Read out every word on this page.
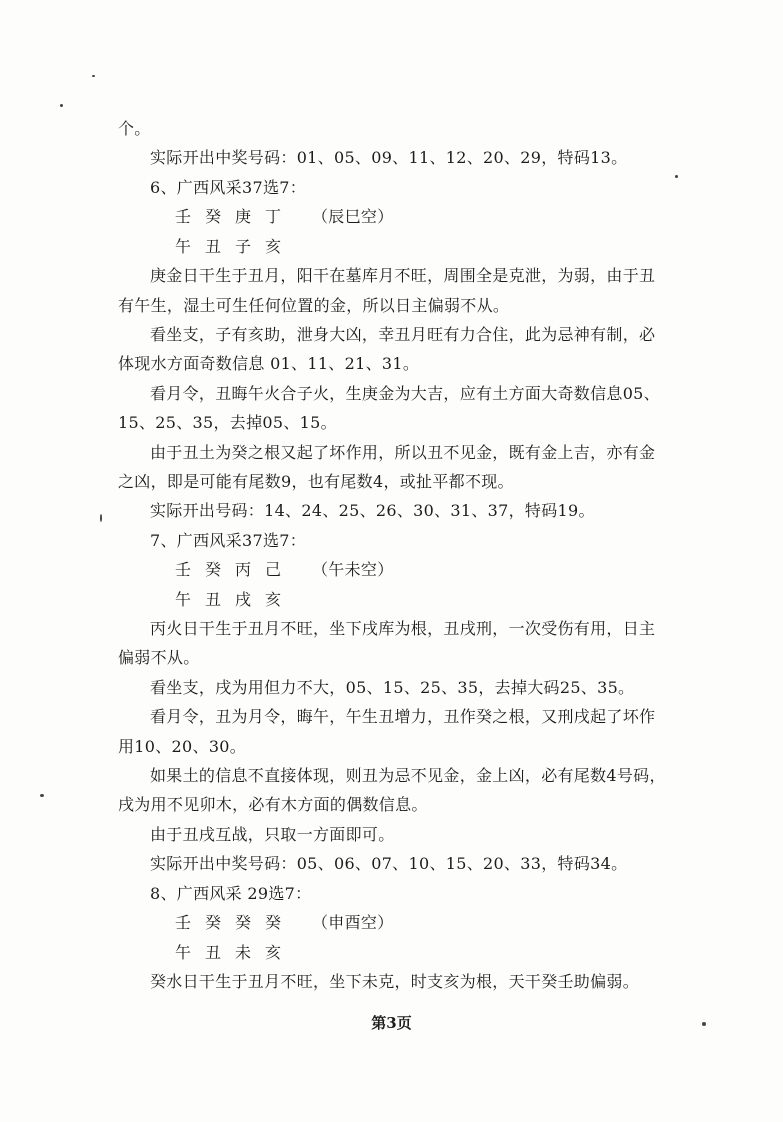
个。
实际开出中奖号码：01、05、09、11、12、20、29，特码13。
6、广西风采37选7：
壬癸庚丁 （辰巳空）
午丑子亥
庚金日干生于丑月，阳干在墓库月不旺，周围全是克泄，为弱，由于丑
有午生，湿土可生任何位置的金，所以日主偏弱不从。
看坐支，子有亥助，泄身大凶，幸丑月旺有力合住，此为忌神有制，必
体现水方面奇数信息 01、11、21、31。
看月令，丑晦午火合子火，生庚金为大吉，应有土方面大奇数信息05、
15、25、35，去掉05、15。
由于丑土为癸之根又起了坏作用，所以丑不见金，既有金上吉，亦有金
之凶，即是可能有尾数9，也有尾数4，或扯平都不现。
实际开出号码：14、24、25、26、30、31、37，特码19。
7、广西风采37选7：
壬癸丙己 （午未空）
午丑戌亥
丙火日干生于丑月不旺，坐下戌库为根，丑戌刑，一次受伤有用，日主
偏弱不从。
看坐支，戌为用但力不大，05、15、25、35，去掉大码25、35。
看月令，丑为月令，晦午，午生丑增力，丑作癸之根，又刑戌起了坏作
用10、20、30。
如果土的信息不直接体现，则丑为忌不见金，金上凶，必有尾数4号码，
戌为用不见卯木，必有木方面的偶数信息。
由于丑戌互战，只取一方面即可。
实际开出中奖号码：05、06、07、10、15、20、33，特码34。
8、广西风采 29选7：
壬癸癸癸 （申酉空）
午丑未亥
癸水日干生于丑月不旺，坐下未克，时支亥为根，天干癸壬助偏弱。
第3页
